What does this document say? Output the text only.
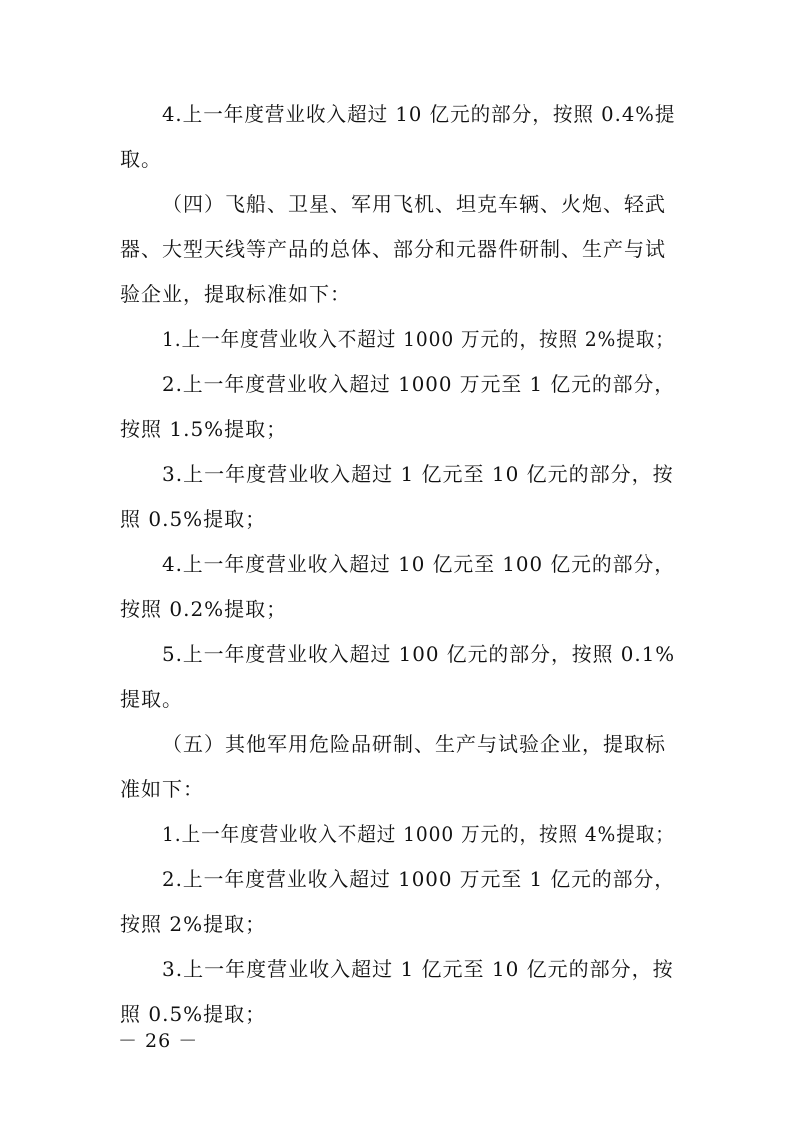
4.上一年度营业收入超过 10 亿元的部分，按照 0.4%提
取。
（四）飞船、卫星、军用飞机、坦克车辆、火炮、轻武
器、大型天线等产品的总体、部分和元器件研制、生产与试
验企业，提取标准如下：
1.上一年度营业收入不超过 1000 万元的，按照 2%提取；
2.上一年度营业收入超过 1000 万元至 1 亿元的部分，
按照 1.5%提取；
3.上一年度营业收入超过 1 亿元至 10 亿元的部分，按
照 0.5%提取；
4.上一年度营业收入超过 10 亿元至 100 亿元的部分，
按照 0.2%提取；
5.上一年度营业收入超过 100 亿元的部分，按照 0.1%
提取。
（五）其他军用危险品研制、生产与试验企业，提取标
准如下：
1.上一年度营业收入不超过 1000 万元的，按照 4%提取；
2.上一年度营业收入超过 1000 万元至 1 亿元的部分，
按照 2%提取；
3.上一年度营业收入超过 1 亿元至 10 亿元的部分，按
照 0.5%提取；
－ 26 －
